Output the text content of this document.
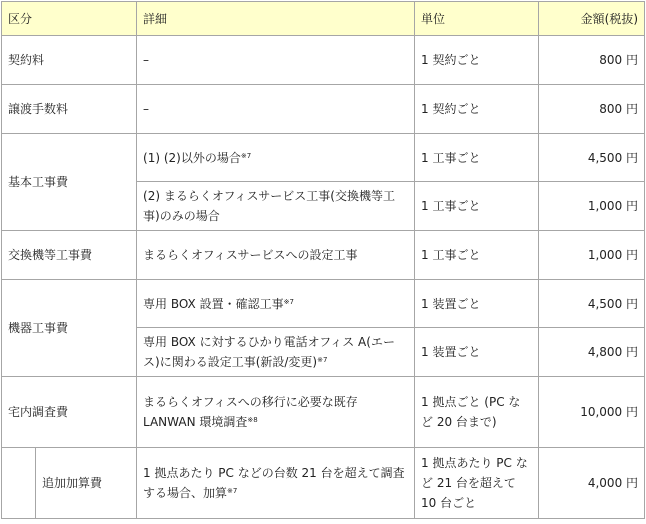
区分		詳細	単位	金額(税抜)
契約料		–	1 契約ごと	800 円
譲渡手数料		–	1 契約ごと	800 円
基本工事費		(1) (2)以外の場合$^{※7}$	1 工事ごと	4,500 円
		(2) まるらくオフィスサービス工事(交換機等工事)のみの場合	1 工事ごと	1,000 円
交換機等工事費		まるらくオフィスサービスへの設定工事	1 工事ごと	1,000 円
機器工事費		専用 BOX 設置・確認工事$^{※7}$	1 装置ごと	4,500 円
		専用 BOX に対するひかり電話オフィス A(エース)に関わる設定工事(新設/変更)$^{※7}$	1 装置ごと	4,800 円
宅内調査費		まるらくオフィスへの移行に必要な既存 LANWAN 環境調査$^{※8}$	1 拠点ごと (PC など 20 台まで)	10,000 円
	追加加算費	1 拠点あたり PC などの台数 21 台を超えて調査する場合、加算$^{※7}$	1 拠点あたり PC など 21 台を超えて 10 台ごと	4,000 円
